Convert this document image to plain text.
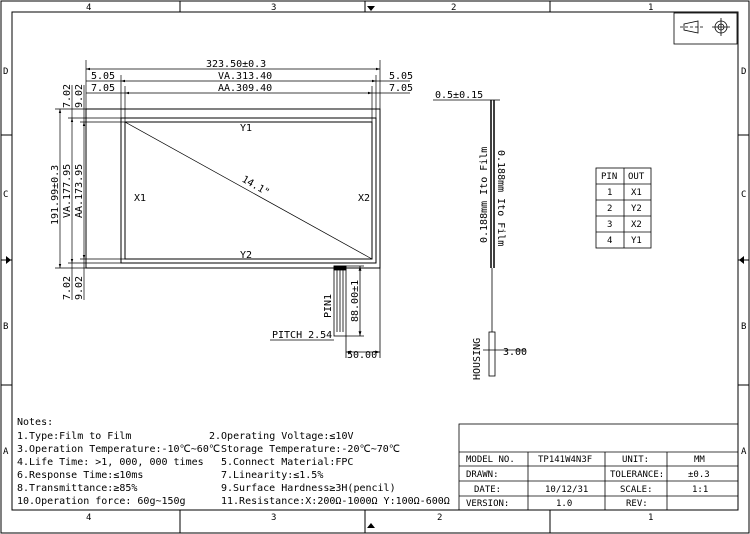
4	3	2	1
4	3	2	1
D
C
B
A
D
C
B
A
Y1
Y2
X1	X2
14.1"
323.50±0.3
VA.313.40
AA.309.40
5.05
7.05
5.05
7.05
191.99±0.3 VA.177.95 AA.173.95
7.02 9.02
7.02 9.02
PIN1 88.00±1
PITCH 2.54
50.00
0.5±0.15
0.188mm Ito Film 0.188mm Ito Film
HOUSING 3.00
PIN OUT
1 X1
2 Y2
3 X2
4 Y1
Notes:
1.Type:Film to Film	2.Operating Voltage:≤10V
3.Operation Temperature:-10℃~60℃ Storage Temperature:-20℃~70℃
4.Life Time: >1, 000, 000 times 5.Connect Material:FPC
6.Response Time:≤10ms	7.Linearity:≤1.5%
8.Transmittance:≥85%	9.Surface Hardness≥3H(pencil)
10.Operation force: 60g~150g	11.Resistance:X:200Ω-1000Ω Y:100Ω-600Ω
MODEL NO.	TP141W4N3F	UNIT:	MM
DRAWN:	TOLERANCE:	±0.3
DATE:	10/12/31	SCALE:	1:1
VERSION:	1.0	REV:
